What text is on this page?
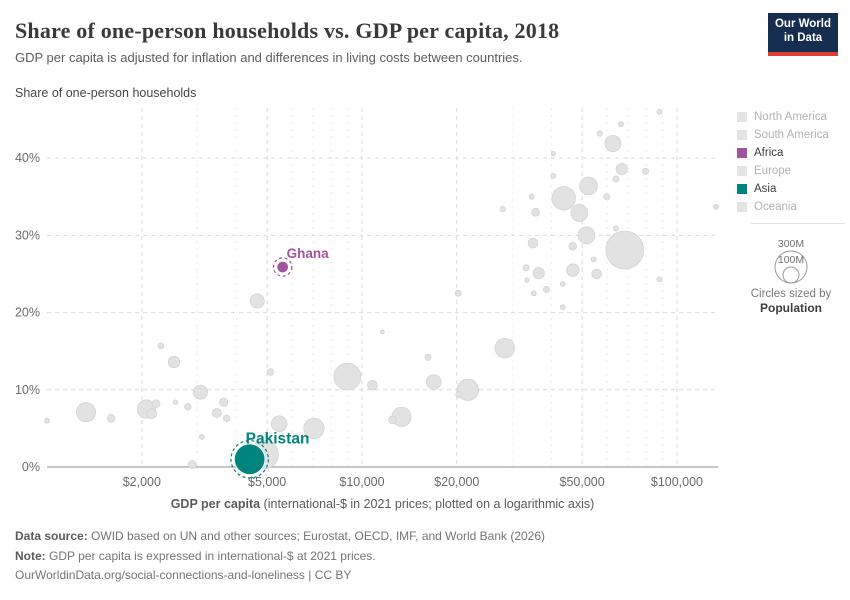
Share of one-person households vs. GDP per capita, 2018

GDP per capita is adjusted for inflation and differences in living costs between countries.

Our World
in Data
Share of one-person households
0%
10%
20%
30%
40%
$2,000	$5,000	$10,000	$20,000	$50,000	$100,000
GDP per capita (international-$ in 2021 prices; plotted on a logarithmic axis)
Pakistan
Ghana
North America
South America
Africa
Europe
Asia
Oceania
300M
100M
Circles sized by
Population
Data source: OWID based on UN and other sources; Eurostat, OECD, IMF, and World Bank (2026)
Note: GDP per capita is expressed in international-$ at 2021 prices.
OurWorldinData.org/social-connections-and-loneliness | CC BY
